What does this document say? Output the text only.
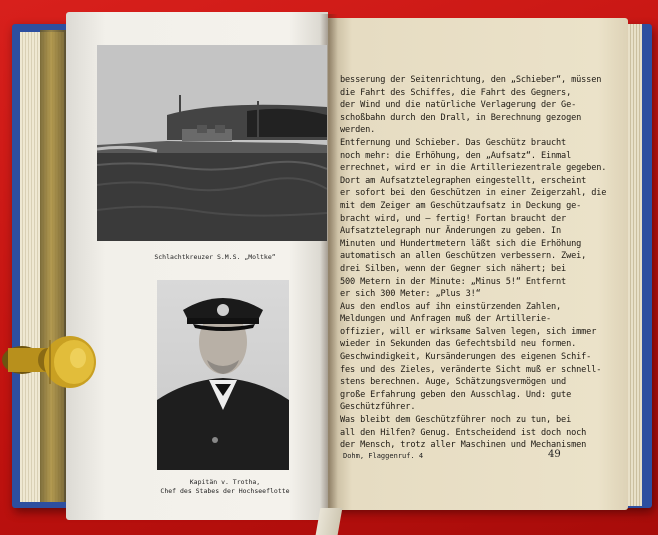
Schlachtkreuzer S.M.S. „Moltke“
Kapitän v. Trotha,
Chef des Stabes der Hochseeflotte
besserung der Seitenrichtung, den „Schieber“, müssen
die Fahrt des Schiffes, die Fahrt des Gegners,
der Wind und die natürliche Verlagerung der Ge-
schoßbahn durch den Drall, in Berechnung gezogen
werden.
Entfernung und Schieber. Das Geschütz braucht
noch mehr: die Erhöhung, den „Aufsatz“. Einmal
errechnet, wird er in die Artilleriezentrale gegeben.
Dort am Aufsatztelegraphen eingestellt, erscheint
er sofort bei den Geschützen in einer Zeigerzahl, die
mit dem Zeiger am Geschützaufsatz in Deckung ge-
bracht wird, und — fertig! Fortan braucht der
Aufsatztelegraph nur Änderungen zu geben. In
Minuten und Hundertmetern läßt sich die Erhöhung
automatisch an allen Geschützen verbessern. Zwei,
drei Silben, wenn der Gegner sich nähert; bei
500 Metern in der Minute: „Minus 5!“ Entfernt
er sich 300 Meter: „Plus 3!“
Aus den endlos auf ihn einstürzenden Zahlen,
Meldungen und Anfragen muß der Artillerie-
offizier, will er wirksame Salven legen, sich immer
wieder in Sekunden das Gefechtsbild neu formen.
Geschwindigkeit, Kursänderungen des eigenen Schif-
fes und des Zieles, veränderte Sicht muß er schnell-
stens berechnen. Auge, Schätzungsvermögen und
große Erfahrung geben den Ausschlag. Und: gute
Geschützführer.
Was bleibt dem Geschützführer noch zu tun, bei
all den Hilfen? Genug. Entscheidend ist doch noch
der Mensch, trotz aller Maschinen und Mechanismen
Dohm, Flaggenruf. 4	49
